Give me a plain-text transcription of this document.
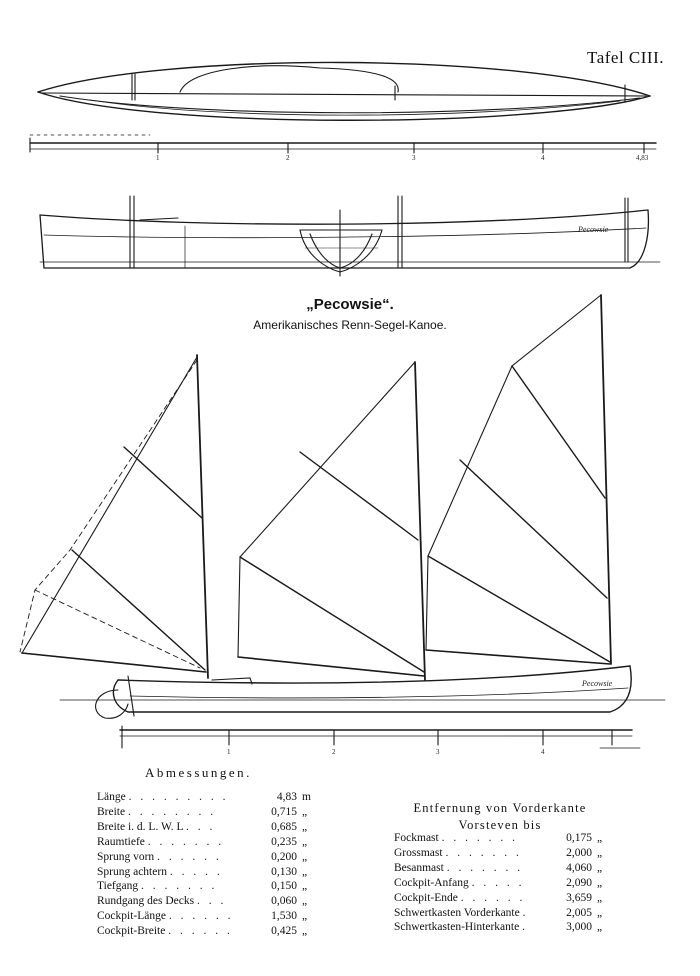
Tafel CIII.
Pecowsie
Pecowsie
1	2	3	4	4,83
1	2	3	4
„Pecowsie“.
Amerikanisches Renn-Segel-Kanoe.
Abmessungen.
Länge . . . . . . . . .	4,83	m
Breite . . . . . . . .	0,715	„
Breite i. d. L. W. L . . .	0,685	„
Raumtiefe . . . . . . .	0,235	„
Sprung vorn . . . . . .	0,200	„
Sprung achtern . . . . .	0,130	„
Tiefgang . . . . . . .	0,150	„
Rundgang des Decks . . .	0,060	„
Cockpit-Länge . . . . . .	1,530	„
Cockpit-Breite . . . . . .	0,425	„
Entfernung von Vorderkante
Vorsteven bis
Fockmast . . . . . . .	0,175	„
Grossmast . . . . . . .	2,000	„
Besanmast . . . . . . .	4,060	„
Cockpit-Anfang . . . . .	2,090	„
Cockpit-Ende . . . . . .	3,659	„
Schwertkasten Vorderkante .	2,005	„
Schwertkasten-Hinterkante .	3,000	„
